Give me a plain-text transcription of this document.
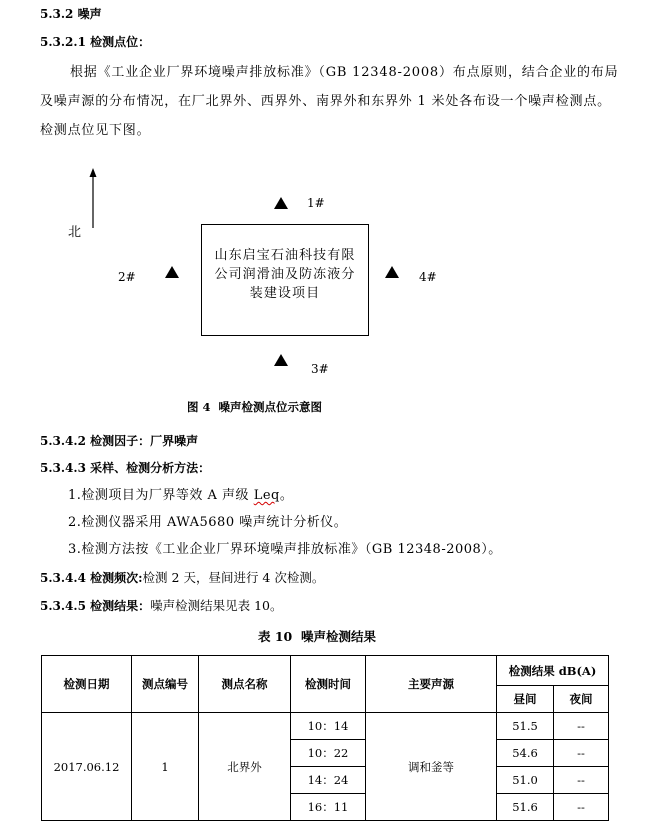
5.3.2 噪声
5.3.2.1 检测点位：
根据《工业企业厂界环境噪声排放标准》（GB 12348-2008）布点原则，结合企业的布局
及噪声源的分布情况，在厂北界外、西界外、南界外和东界外 1 米处各布设一个噪声检测点。
检测点位见下图。
北
1#
2#
山东启宝石油科技有限
公司润滑油及防冻液分
装建设项目
4#
3#
图 4  噪声检测点位示意图
5.3.4.2 检测因子：厂界噪声
5.3.4.3 采样、检测分析方法：
1.检测项目为厂界等效 A 声级 Leq。
2.检测仪器采用 AWA5680 噪声统计分析仪。
3.检测方法按《工业企业厂界环境噪声排放标准》（GB 12348-2008）。
5.3.4.4 检测频次:检测 2 天，昼间进行 4 次检测。
5.3.4.5 检测结果：噪声检测结果见表 10。
表 10  噪声检测结果
检测日期	测点编号	测点名称	检测时间	主要声源	检测结果 dB(A)	
					昼间	夜间
2017.06.12	1	北界外	10：14	调和釜等	51.5	--
			10：22		54.6	--
			14：24		51.0	--
			16：11		51.6	--
